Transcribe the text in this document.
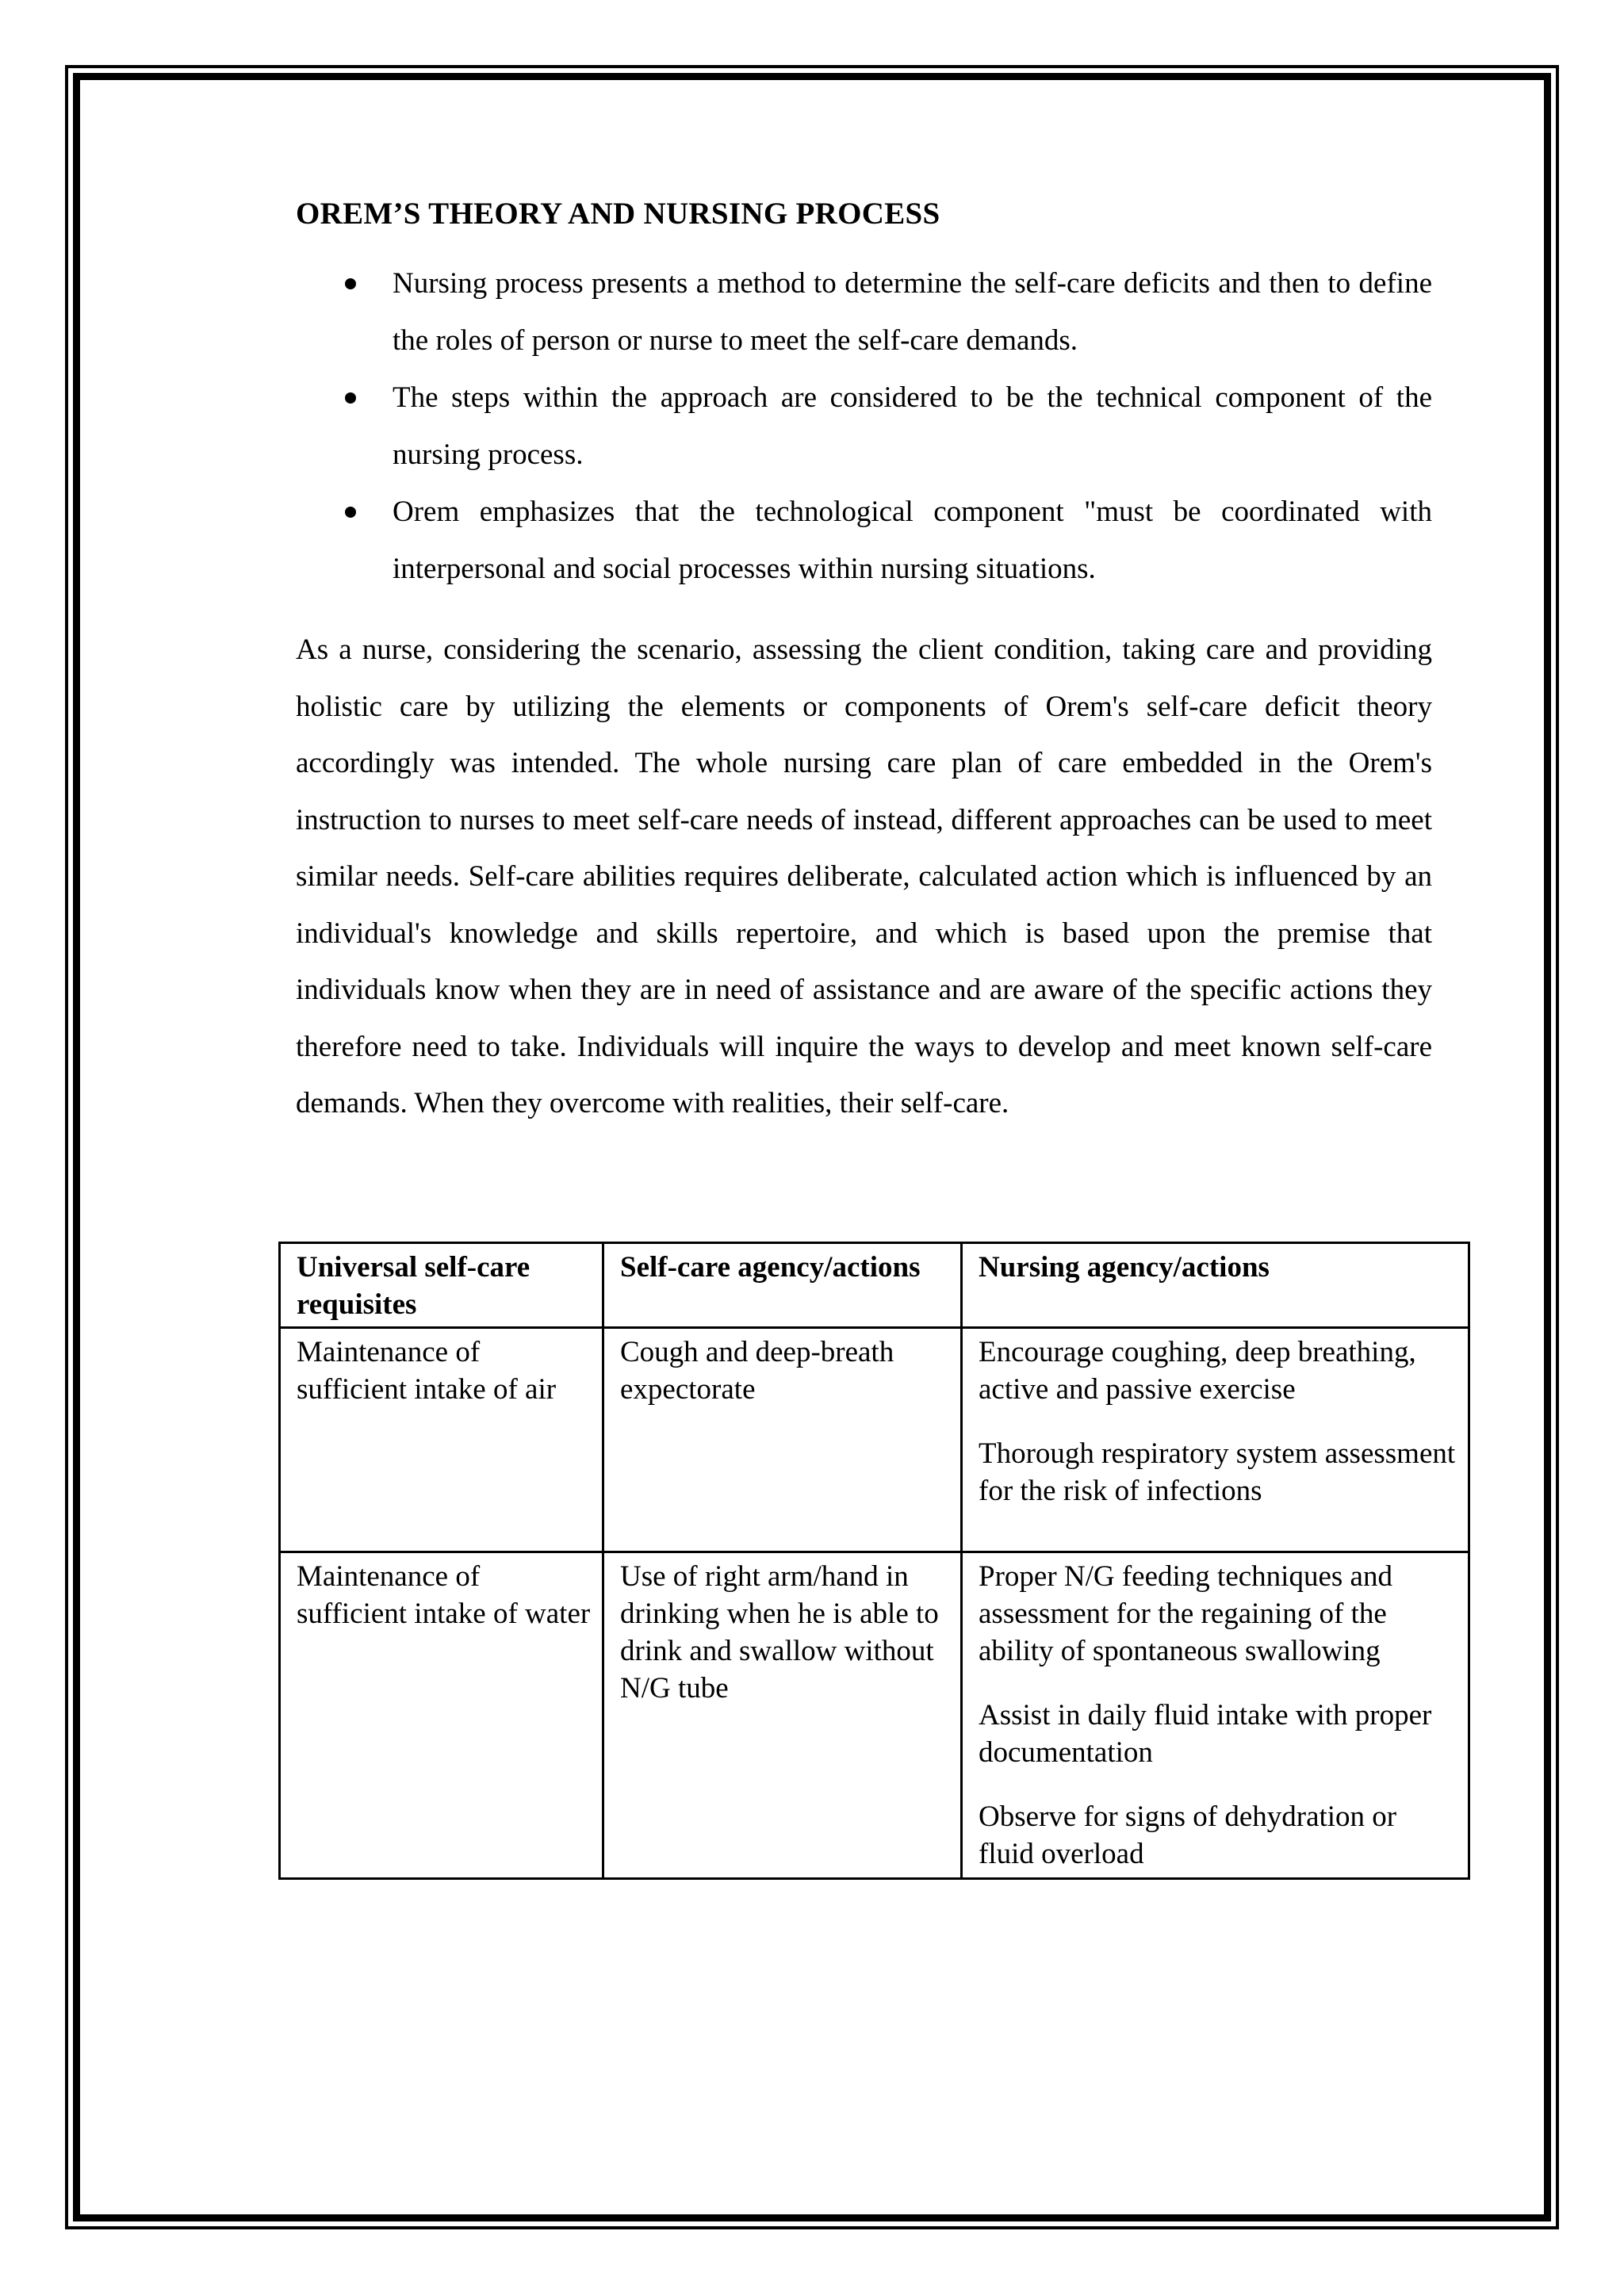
OREM’S THEORY AND NURSING PROCESS
Nursing process presents a method to determine the self-care deficits and then to define the roles of person or nurse to meet the self-care demands.
The steps within the approach are considered to be the technical component of the nursing process.
Orem emphasizes that the technological component "must be coordinated with interpersonal and social processes within nursing situations.

As a nurse, considering the scenario, assessing the client condition, taking care and providing holistic care by utilizing the elements or components of Orem's self-care deficit theory accordingly was intended. The whole nursing care plan of care embedded in the Orem's instruction to nurses to meet self-care needs of instead, different approaches can be used to meet similar needs. Self-care abilities requires deliberate, calculated action which is influenced by an individual's knowledge and skills repertoire, and which is based upon the premise that individuals know when they are in need of assistance and are aware of the specific actions they therefore need to take. Individuals will inquire the ways to develop and meet known self-care demands. When they overcome with realities, their self-care.

Universal self-care requisites	Self-care agency/actions	Nursing agency/actions
Maintenance of sufficient intake of air	Cough and deep-breath expectorate	Encourage coughing, deep breathing, active and passive exercise

Thorough respiratory system assessment for the risk of infections

Maintenance of sufficient intake of water	Use of right arm/hand in drinking when he is able to drink and swallow without N/G tube	Proper N/G feeding techniques and assessment for the regaining of the ability of spontaneous swallowing

Assist in daily fluid intake with proper documentation

Observe for signs of dehydration or fluid overload
